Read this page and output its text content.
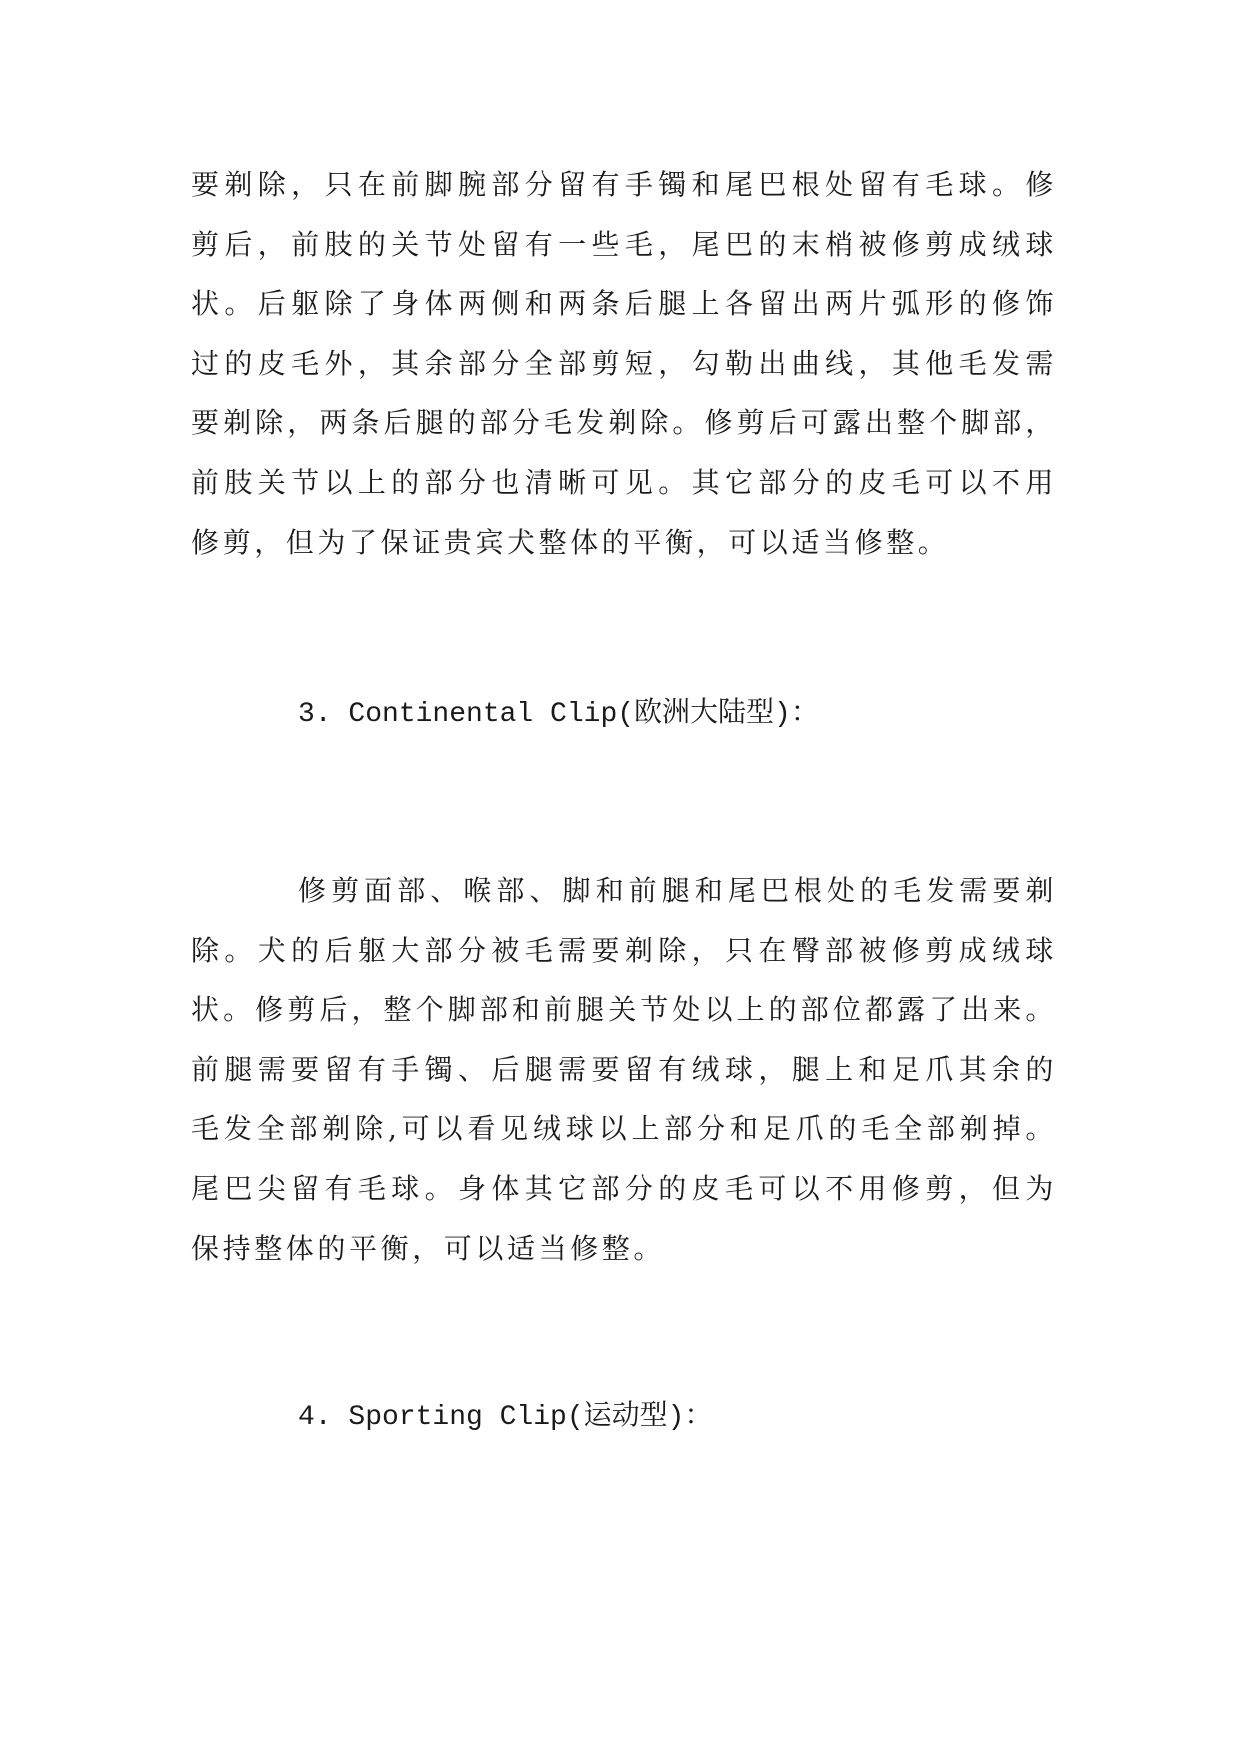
要剃除，只在前脚腕部分留有手镯和尾巴根处留有毛球。修
剪后，前肢的关节处留有一些毛，尾巴的末梢被修剪成绒球
状。后躯除了身体两侧和两条后腿上各留出两片弧形的修饰
过的皮毛外，其余部分全部剪短，勾勒出曲线，其他毛发需
要剃除，两条后腿的部分毛发剃除。修剪后可露出整个脚部，
前肢关节以上的部分也清晰可见。其它部分的皮毛可以不用
修剪，但为了保证贵宾犬整体的平衡，可以适当修整。
3. Continental Clip(欧洲大陆型)：
修剪面部、喉部、脚和前腿和尾巴根处的毛发需要剃
除。犬的后躯大部分被毛需要剃除，只在臀部被修剪成绒球
状。修剪后，整个脚部和前腿关节处以上的部位都露了出来。
前腿需要留有手镯、后腿需要留有绒球，腿上和足爪其余的
毛发全部剃除,可以看见绒球以上部分和足爪的毛全部剃掉。
尾巴尖留有毛球。身体其它部分的皮毛可以不用修剪，但为
保持整体的平衡，可以适当修整。
4. Sporting Clip(运动型)：
